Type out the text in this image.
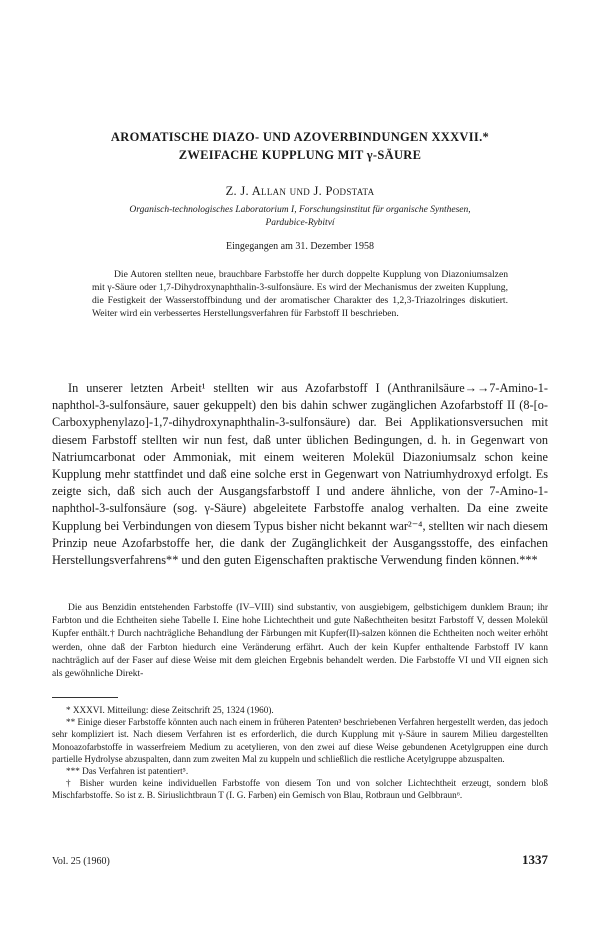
AROMATISCHE DIAZO- UND AZOVERBINDUNGEN XXXVII.*
ZWEIFACHE KUPPLUNG MIT γ-SÄURE
Z. J. Allan und J. Podstata
Organisch-technologisches Laboratorium I, Forschungsinstitut für organische Synthesen,
Pardubice-Rybitví
Eingegangen am 31. Dezember 1958

Die Autoren stellten neue, brauchbare Farbstoffe her durch doppelte Kupplung von Diazoniumsalzen mit γ-Säure oder 1,7-Dihydroxynaphthalin-3-sulfonsäure. Es wird der Mechanismus der zweiten Kupplung, die Festigkeit der Wasserstoffbindung und der aromatischer Charakter des 1,2,3-Triazolringes diskutiert. Weiter wird ein verbessertes Herstellungsverfahren für Farbstoff II beschrieben.

In unserer letzten Arbeit¹ stellten wir aus Azofarbstoff I (Anthranilsäure→→7-Amino-1-naphthol-3-sulfonsäure, sauer gekuppelt) den bis dahin schwer zugänglichen Azofarbstoff II (8-[o-Carboxyphenylazo]-1,7-dihydroxynaphthalin-3-sulfonsäure) dar. Bei Applikationsversuchen mit diesem Farbstoff stellten wir nun fest, daß unter üblichen Bedingungen, d. h. in Gegenwart von Natriumcarbonat oder Ammoniak, mit einem weiteren Molekül Diazoniumsalz schon keine Kupplung mehr stattfindet und daß eine solche erst in Gegenwart von Natriumhydroxyd erfolgt. Es zeigte sich, daß sich auch der Ausgangsfarbstoff I und andere ähnliche, von der 7-Amino-1-naphthol-3-sulfonsäure (sog. γ-Säure) abgeleitete Farbstoffe analog verhalten. Da eine zweite Kupplung bei Verbindungen von diesem Typus bisher nicht bekannt war²⁻⁴, stellten wir nach diesem Prinzip neue Azofarbstoffe her, die dank der Zugänglichkeit der Ausgangsstoffe, des einfachen Herstellungsverfahrens** und den guten Eigenschaften praktische Verwendung finden können.***

Die aus Benzidin entstehenden Farbstoffe (IV–VIII) sind substantiv, von ausgiebigem, gelbstichigem dunklem Braun; ihr Farbton und die Echtheiten siehe Tabelle I. Eine hohe Lichtechtheit und gute Naßechtheiten besitzt Farbstoff V, dessen Molekül Kupfer enthält.† Durch nachträgliche Behandlung der Färbungen mit Kupfer(II)-salzen können die Echtheiten noch weiter erhöht werden, ohne daß der Farbton hiedurch eine Veränderung erfährt. Auch der kein Kupfer enthaltende Farbstoff IV kann nachträglich auf der Faser auf diese Weise mit dem gleichen Ergebnis behandelt werden. Die Farbstoffe VI und VII eignen sich als gewöhnliche Direkt-

* XXXVI. Mitteilung: diese Zeitschrift 25, 1324 (1960).

** Einige dieser Farbstoffe könnten auch nach einem in früheren Patenten³ beschriebenen Verfahren hergestellt werden, das jedoch sehr kompliziert ist. Nach diesem Verfahren ist es erforderlich, die durch Kupplung mit γ-Säure in saurem Milieu dargestellten Monoazofarbstoffe in wasserfreiem Medium zu acetylieren, von den zwei auf diese Weise gebundenen Acetylgruppen eine durch partielle Hydrolyse abzuspalten, dann zum zweiten Mal zu kuppeln und schließlich die restliche Acetylgruppe abzuspalten.

*** Das Verfahren ist patentiert⁵.

† Bisher wurden keine individuellen Farbstoffe von diesem Ton und von solcher Lichtechtheit erzeugt, sondern bloß Mischfarbstoffe. So ist z. B. Siriuslichtbraun T (I. G. Farben) ein Gemisch von Blau, Rotbraun und Gelbbraun⁶.

Vol. 25 (1960)	1337
